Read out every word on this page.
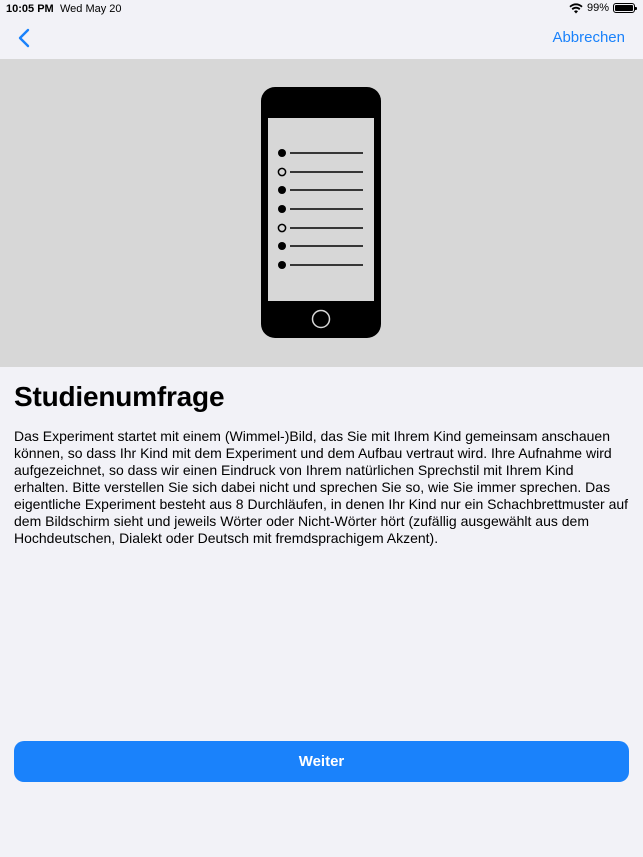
10:05 PM Wed May 20	99%
Abbrechen
Studienumfrage

Das Experiment startet mit einem (Wimmel-)Bild, das Sie mit Ihrem Kind gemeinsam anschauen können, so dass Ihr Kind mit dem Experiment und dem Aufbau vertraut wird. Ihre Aufnahme wird aufgezeichnet, so dass wir einen Eindruck von Ihrem natürlichen Sprechstil mit Ihrem Kind erhalten. Bitte verstellen Sie sich dabei nicht und sprechen Sie so, wie Sie immer sprechen. Das eigentliche Experiment besteht aus 8 Durchläufen, in denen Ihr Kind nur ein Schachbrettmuster auf dem Bildschirm sieht und jeweils Wörter oder Nicht-Wörter hört (zufällig ausgewählt aus dem Hochdeutschen, Dialekt oder Deutsch mit fremdsprachigem Akzent).

Weiter
